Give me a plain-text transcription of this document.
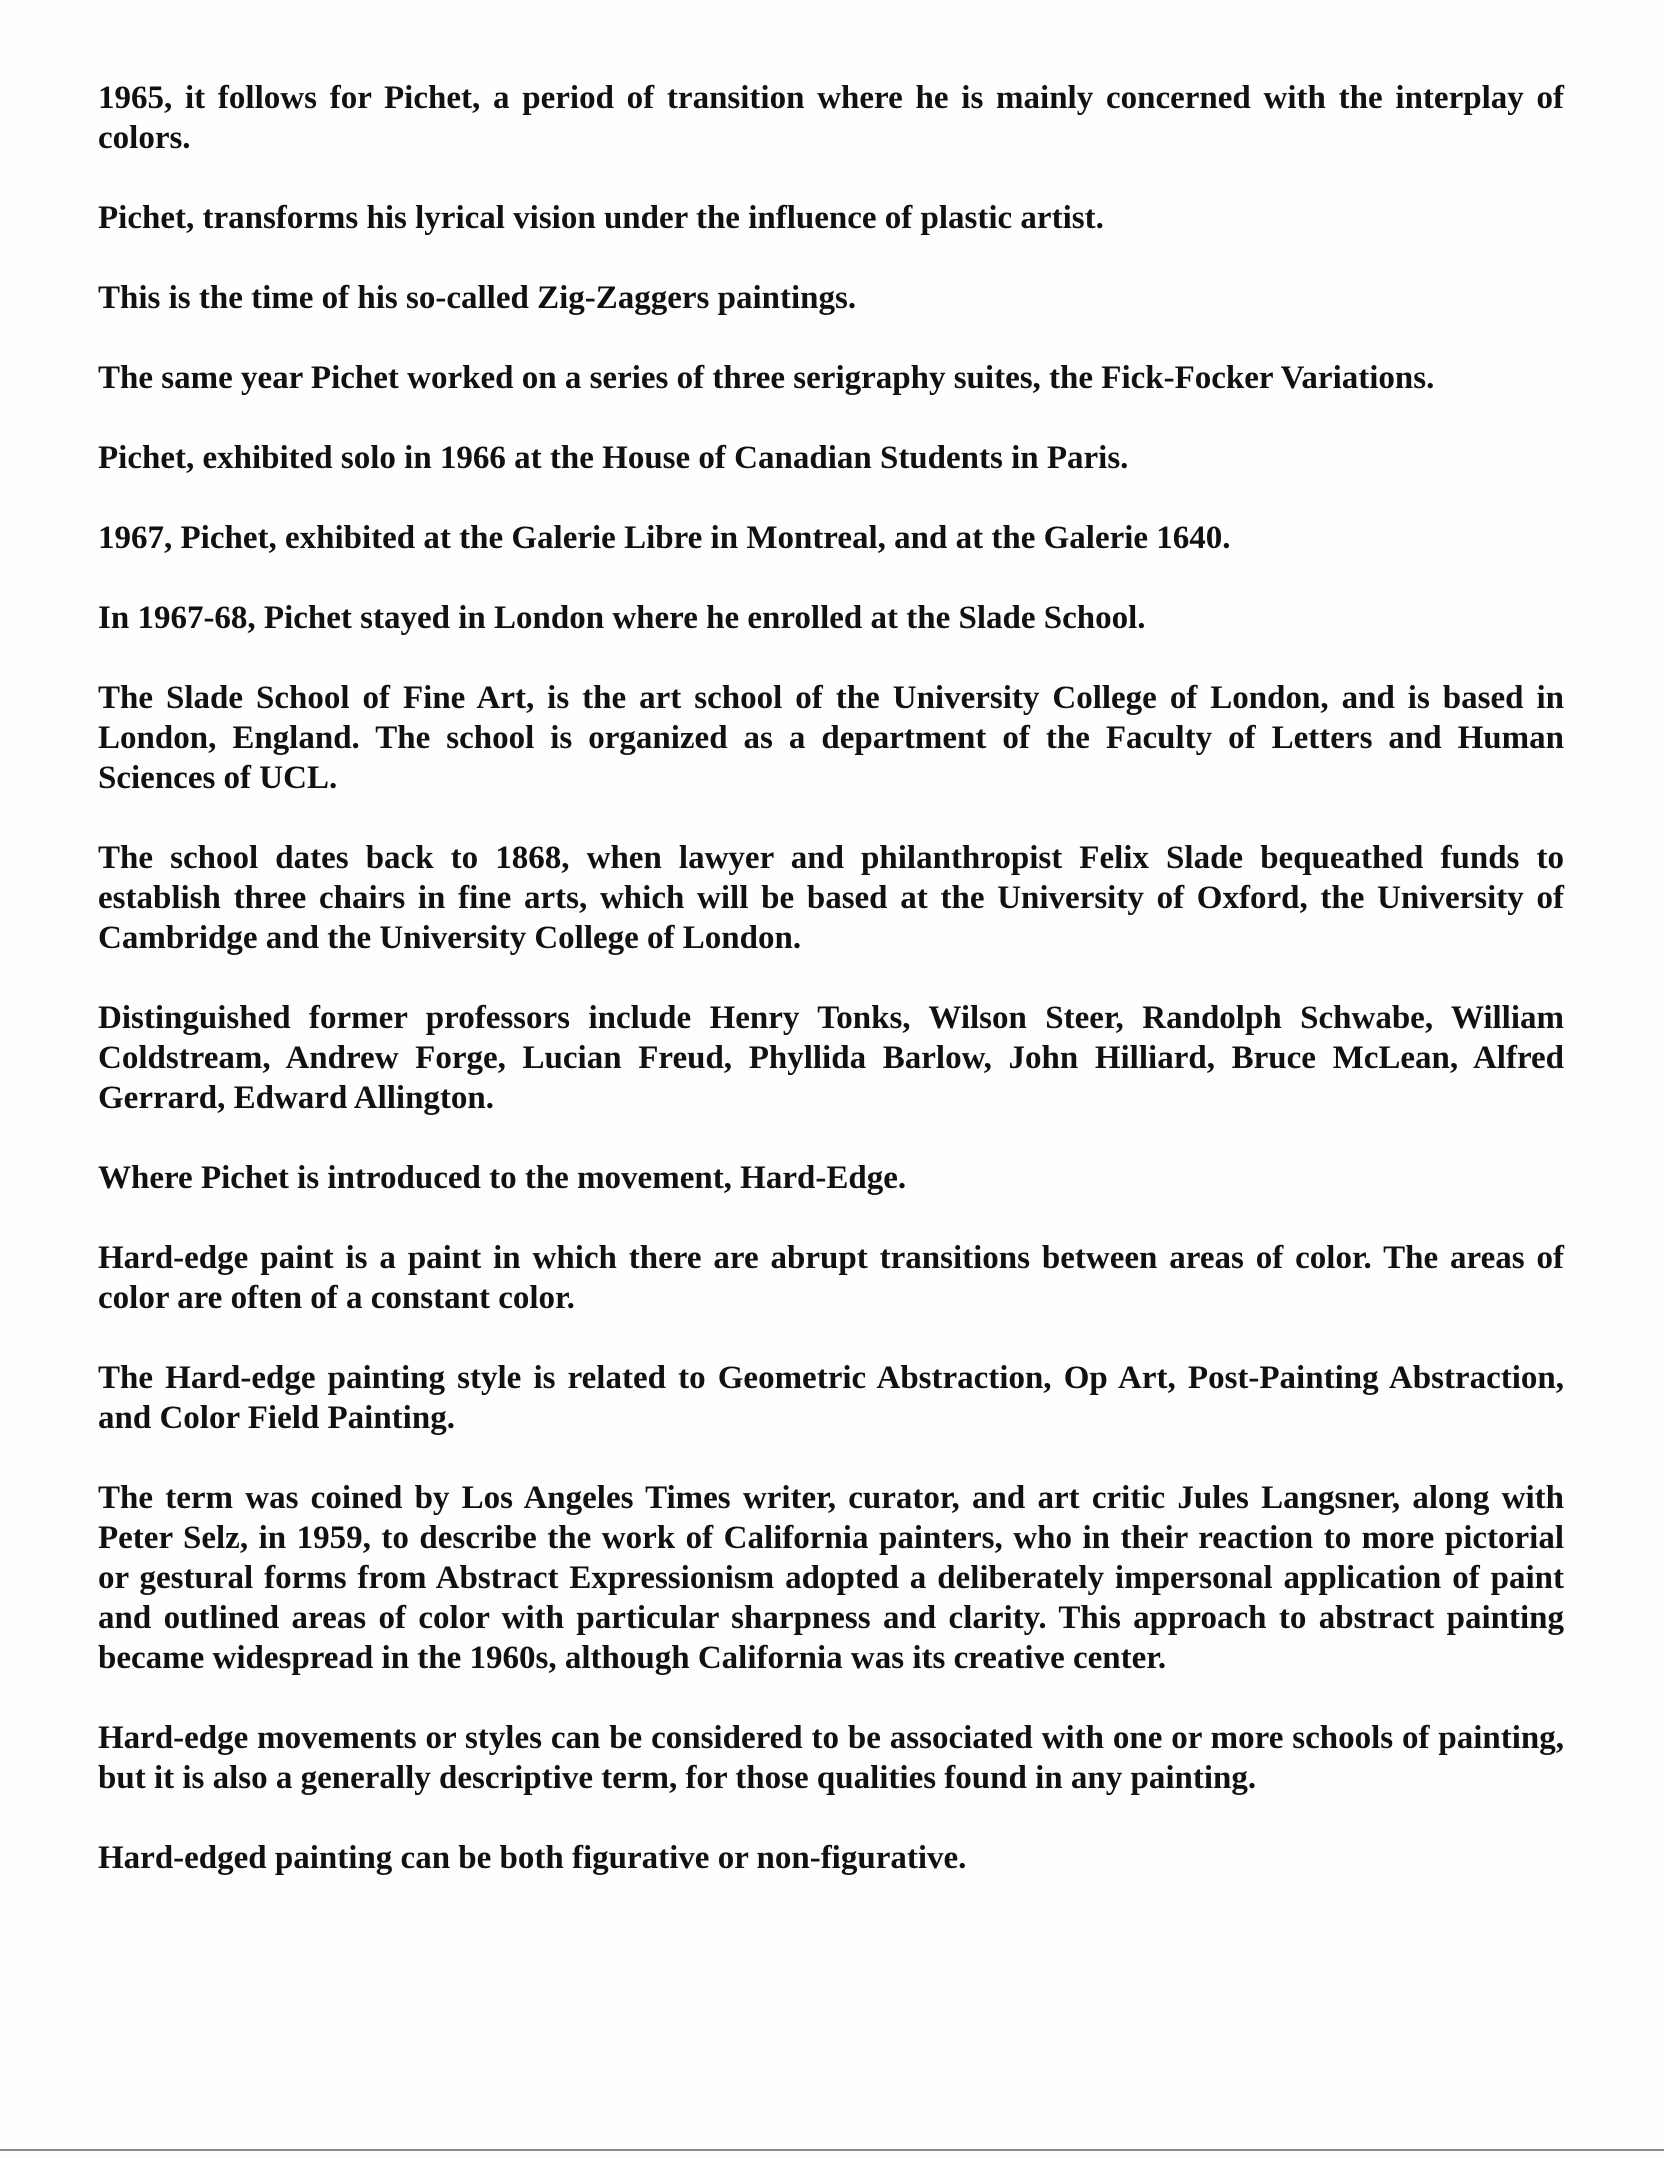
1965, it follows for Pichet, a period of transition where he is mainly concerned with the interplay of colors.

Pichet, transforms his lyrical vision under the influence of plastic artist.

This is the time of his so-called Zig-Zaggers paintings.

The same year Pichet worked on a series of three serigraphy suites, the Fick-Focker Variations.

Pichet, exhibited solo in 1966 at the House of Canadian Students in Paris.

1967, Pichet, exhibited at the Galerie Libre in Montreal, and at the Galerie 1640.

In 1967-68, Pichet stayed in London where he enrolled at the Slade School.

The Slade School of Fine Art, is the art school of the University College of London, and is based in London, England. The school is organized as a department of the Faculty of Letters and Human Sciences of UCL.

The school dates back to 1868, when lawyer and philanthropist Felix Slade bequeathed funds to establish three chairs in fine arts, which will be based at the University of Oxford, the University of Cambridge and the University College of London.

Distinguished former professors include Henry Tonks, Wilson Steer, Randolph Schwabe, William Coldstream, Andrew Forge, Lucian Freud, Phyllida Barlow, John Hilliard, Bruce McLean, Alfred Gerrard, Edward Allington.

Where Pichet is introduced to the movement, Hard-Edge.

Hard-edge paint is a paint in which there are abrupt transitions between areas of color. The areas of color are often of a constant color.

The Hard-edge painting style is related to Geometric Abstraction, Op Art, Post-Painting Abstraction, and Color Field Painting.

The term was coined by Los Angeles Times writer, curator, and art critic Jules Langsner, along with Peter Selz, in 1959, to describe the work of California painters, who in their reaction to more pictorial or gestural forms from Abstract Expressionism adopted a deliberately impersonal application of paint and outlined areas of color with particular sharpness and clarity. This approach to abstract painting became widespread in the 1960s, although California was its creative center.

Hard-edge movements or styles can be considered to be associated with one or more schools of painting, but it is also a generally descriptive term, for those qualities found in any painting.

Hard-edged painting can be both figurative or non-figurative.
